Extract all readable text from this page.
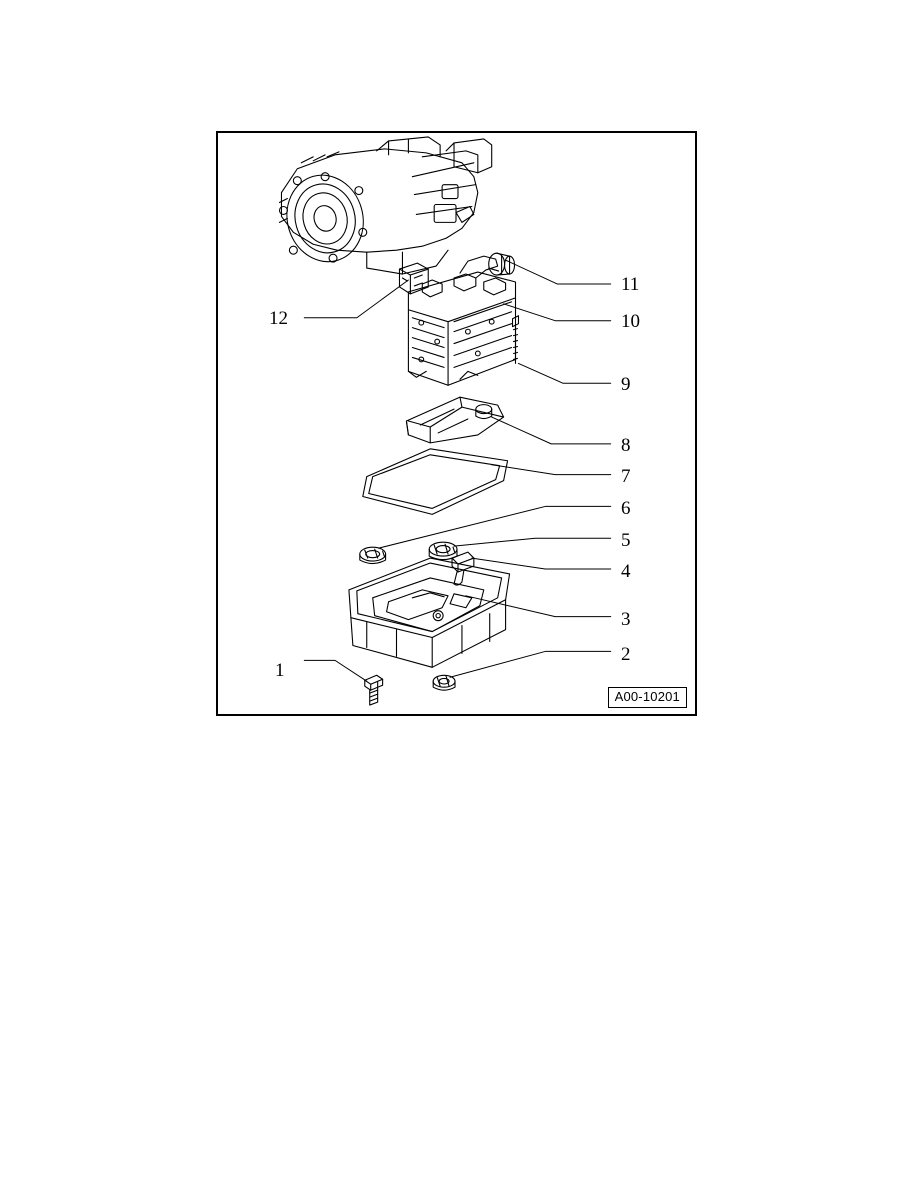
1
2
3
4
5
6
7
8
9
10
11
12
A00-10201
